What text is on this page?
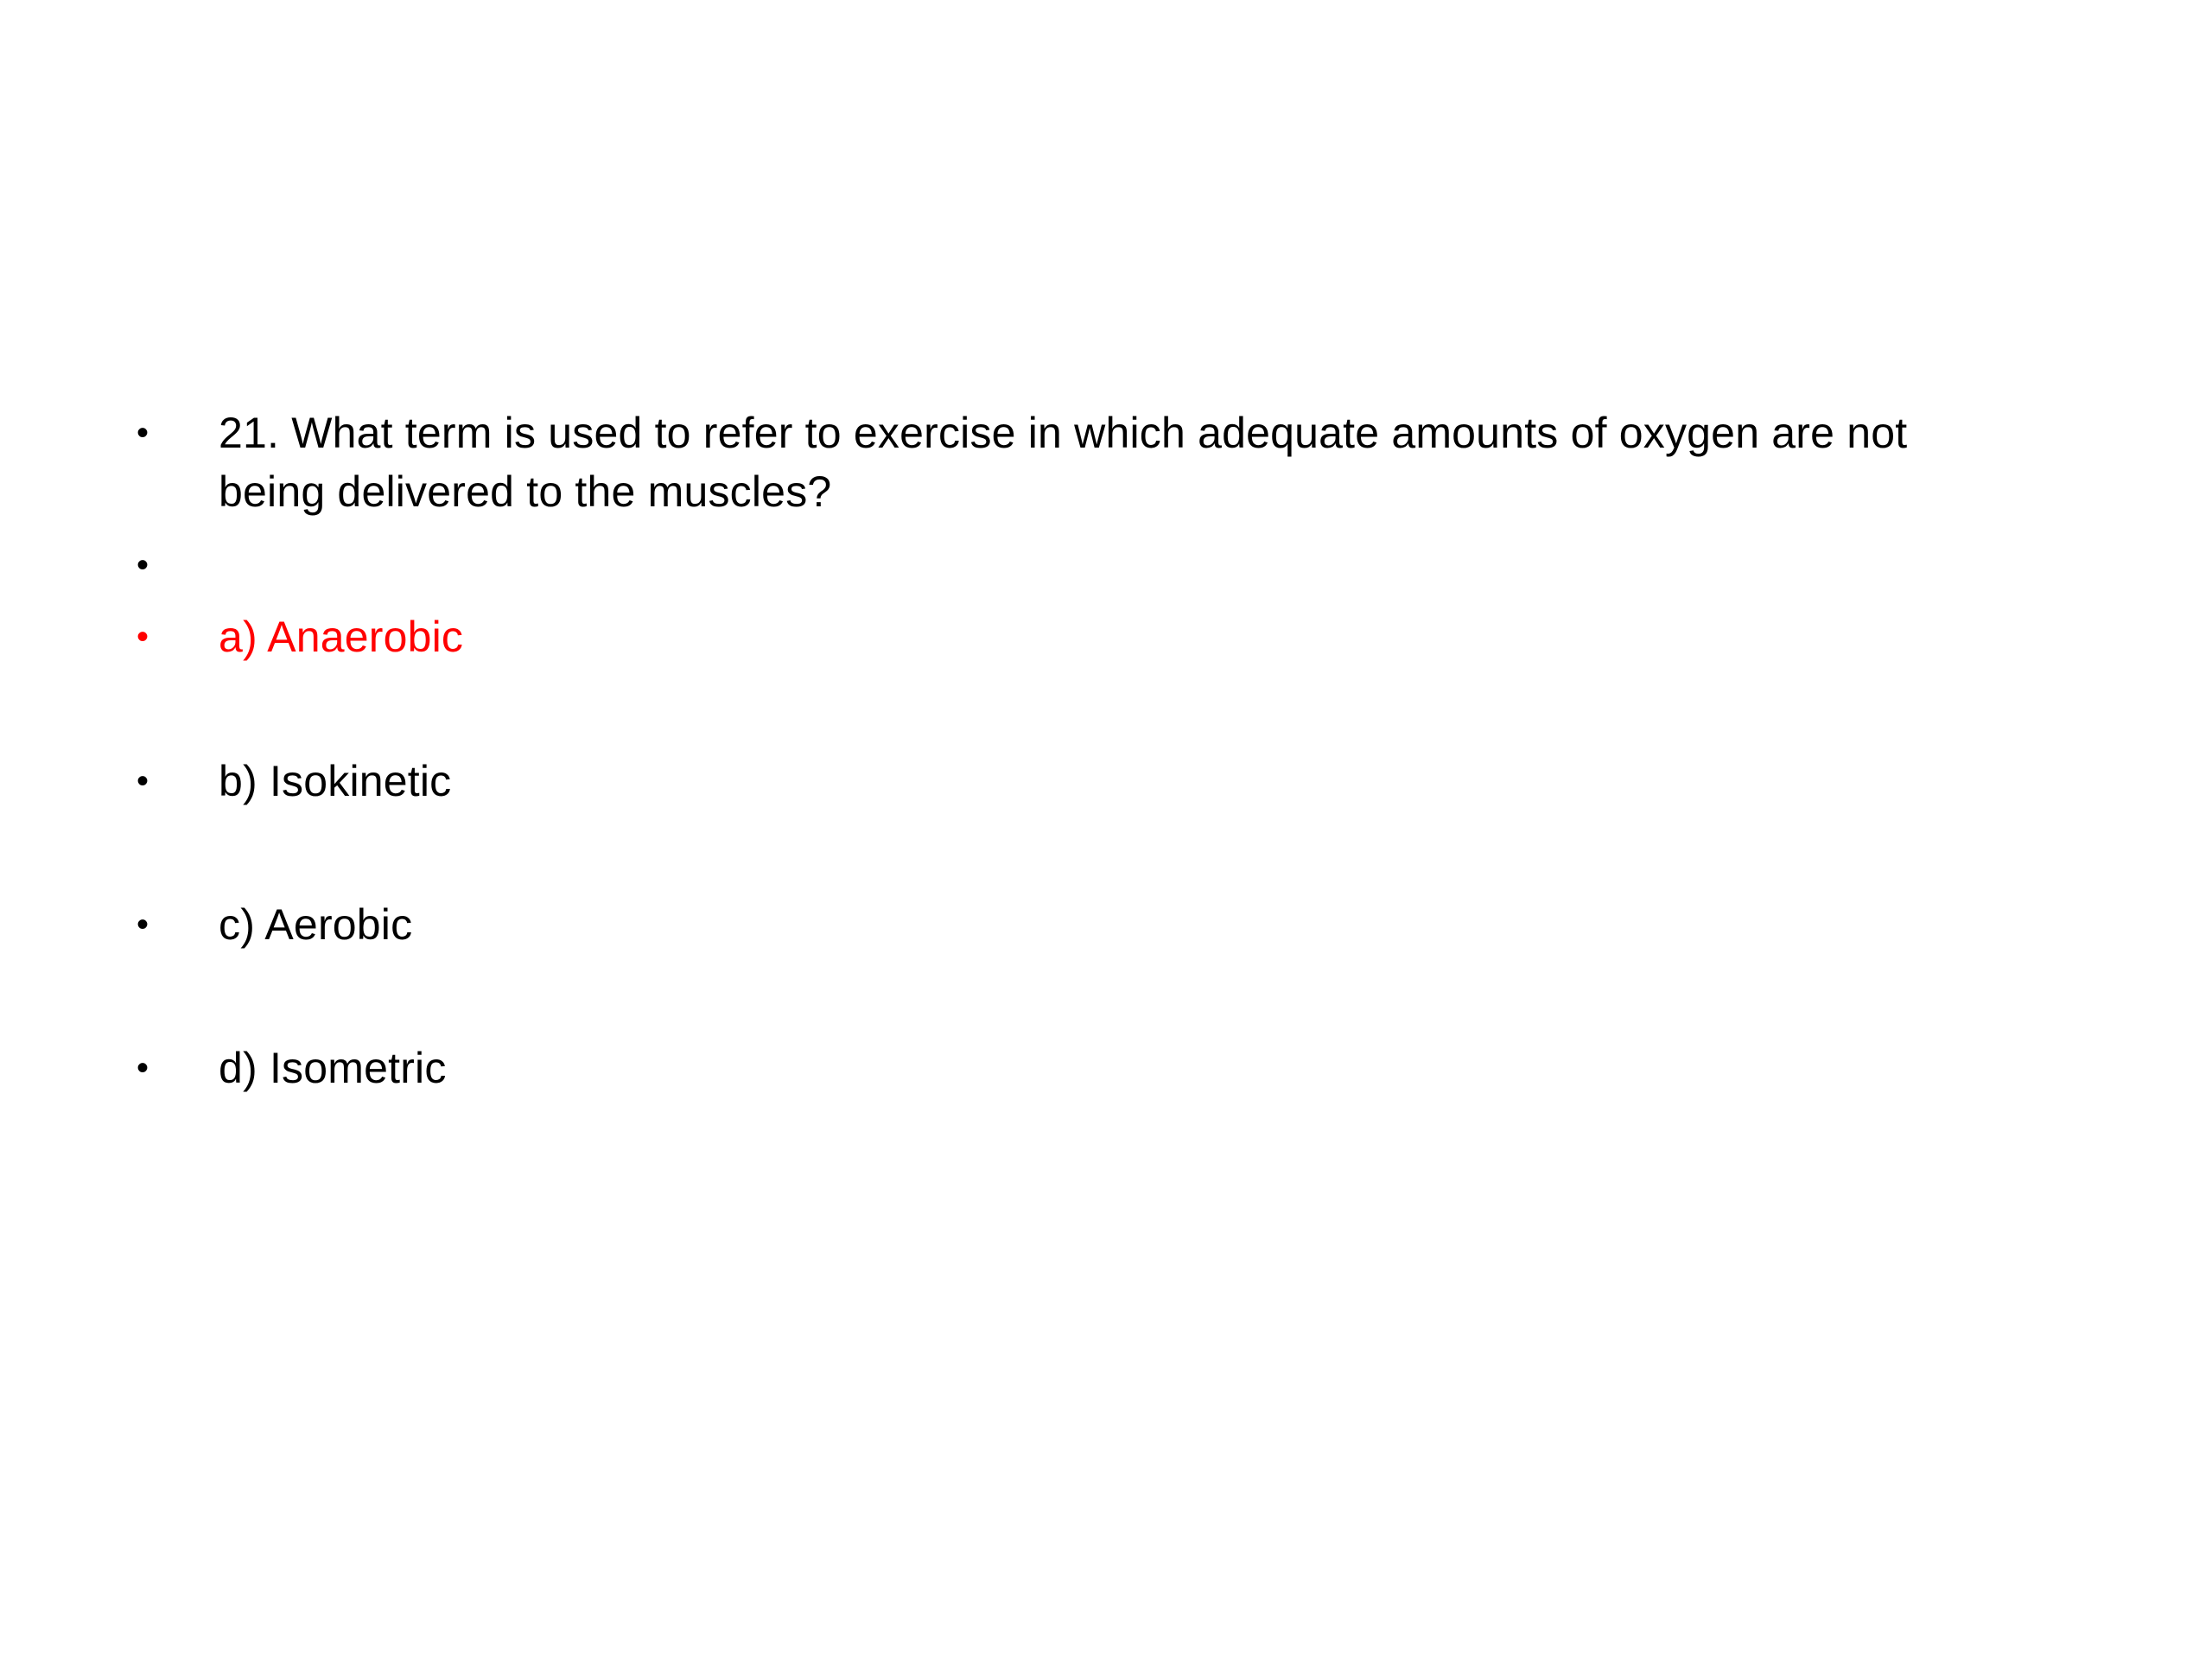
• 21. What term is used to refer to exercise in which adequate amounts of oxygen are not being delivered to the muscles?
•
• a) Anaerobic
• b) Isokinetic
• c) Aerobic
• d) Isometric
